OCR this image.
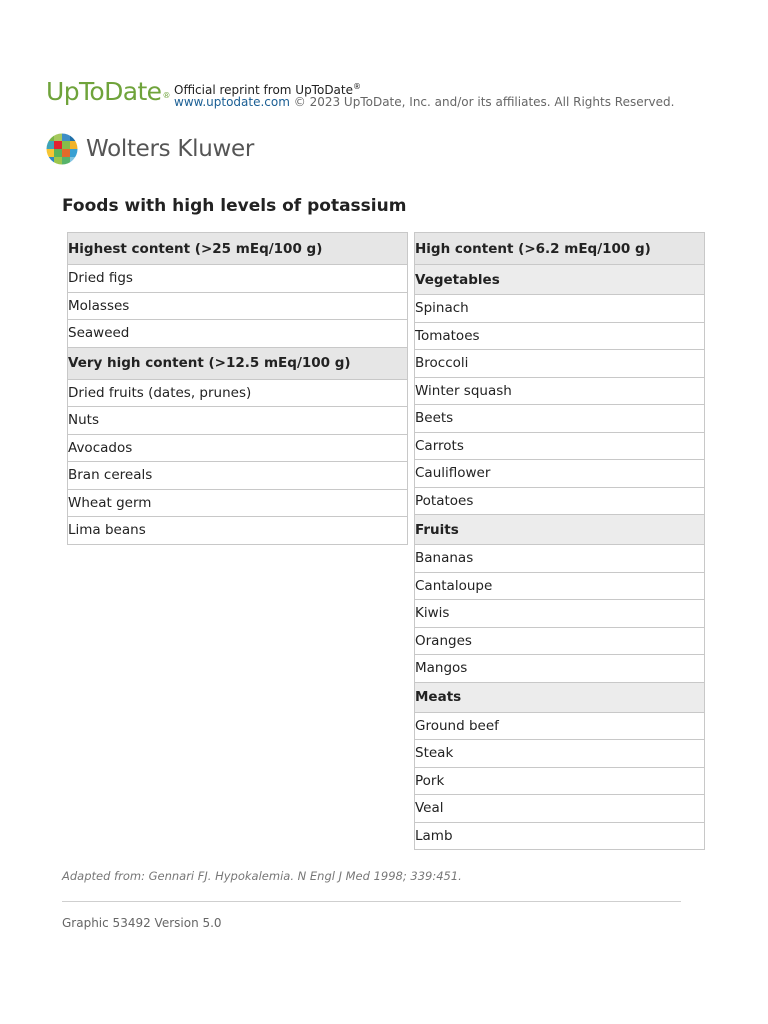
UpToDate® Official reprint from UpToDate®
www.uptodate.com © 2023 UpToDate, Inc. and/or its affiliates. All Rights Reserved.
Wolters Kluwer
Foods with high levels of potassium
Highest content (>25 mEq/100 g)
Dried figs
Molasses
Seaweed
Very high content (>12.5 mEq/100 g)
Dried fruits (dates, prunes)
Nuts
Avocados
Bran cereals
Wheat germ
Lima beans
High content (>6.2 mEq/100 g)
Vegetables
Spinach
Tomatoes
Broccoli
Winter squash
Beets
Carrots
Cauliflower
Potatoes
Fruits
Bananas
Cantaloupe
Kiwis
Oranges
Mangos
Meats
Ground beef
Steak
Pork
Veal
Lamb
Adapted from: Gennari FJ. Hypokalemia. N Engl J Med 1998; 339:451.
Graphic 53492 Version 5.0
